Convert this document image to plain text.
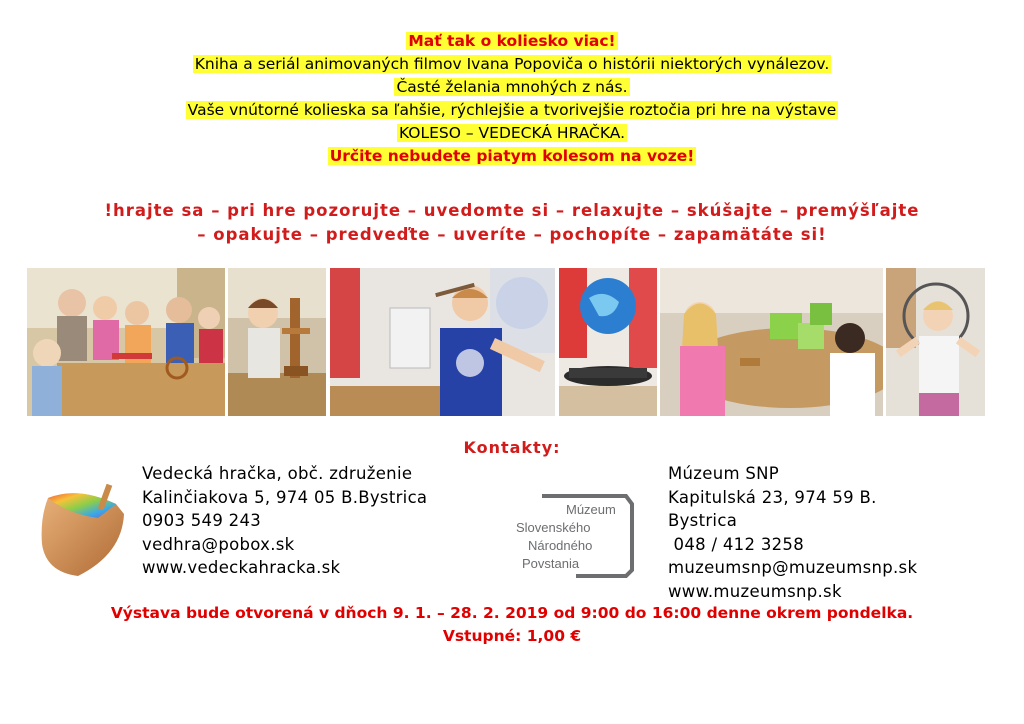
Mať tak o koliesko viac!
Kniha a seriál animovaných filmov Ivana Popoviča o histórii niektorých vynálezov.
Časté želania mnohých z nás.
Vaše vnútorné kolieska sa ľahšie, rýchlejšie a tvorivejšie roztočia pri hre na výstave
KOLESO – VEDECKÁ HRAČKA.
Určite nebudete piatym kolesom na voze!
!hrajte sa – pri hre pozorujte – uvedomte si – relaxujte – skúšajte – premýšľajte
– opakujte – predveďte – uveríte – pochopíte – zapamätáte si!
Kontakty:
Vedecká hračka, obč. združenie
Kalinčiakova 5, 974 05 B.Bystrica
0903 549 243
vedhra@pobox.sk
www.vedeckahracka.sk
Múzeum
Slovenského
Národného
Povstania
Múzeum SNP
Kapitulská 23, 974 59 B.
Bystrica
048 / 412 3258
muzeumsnp@muzeumsnp.sk
www.muzeumsnp.sk
Výstava bude otvorená v dňoch 9. 1. – 28. 2. 2019 od 9:00 do 16:00 denne okrem pondelka.
Vstupné: 1,00 €
